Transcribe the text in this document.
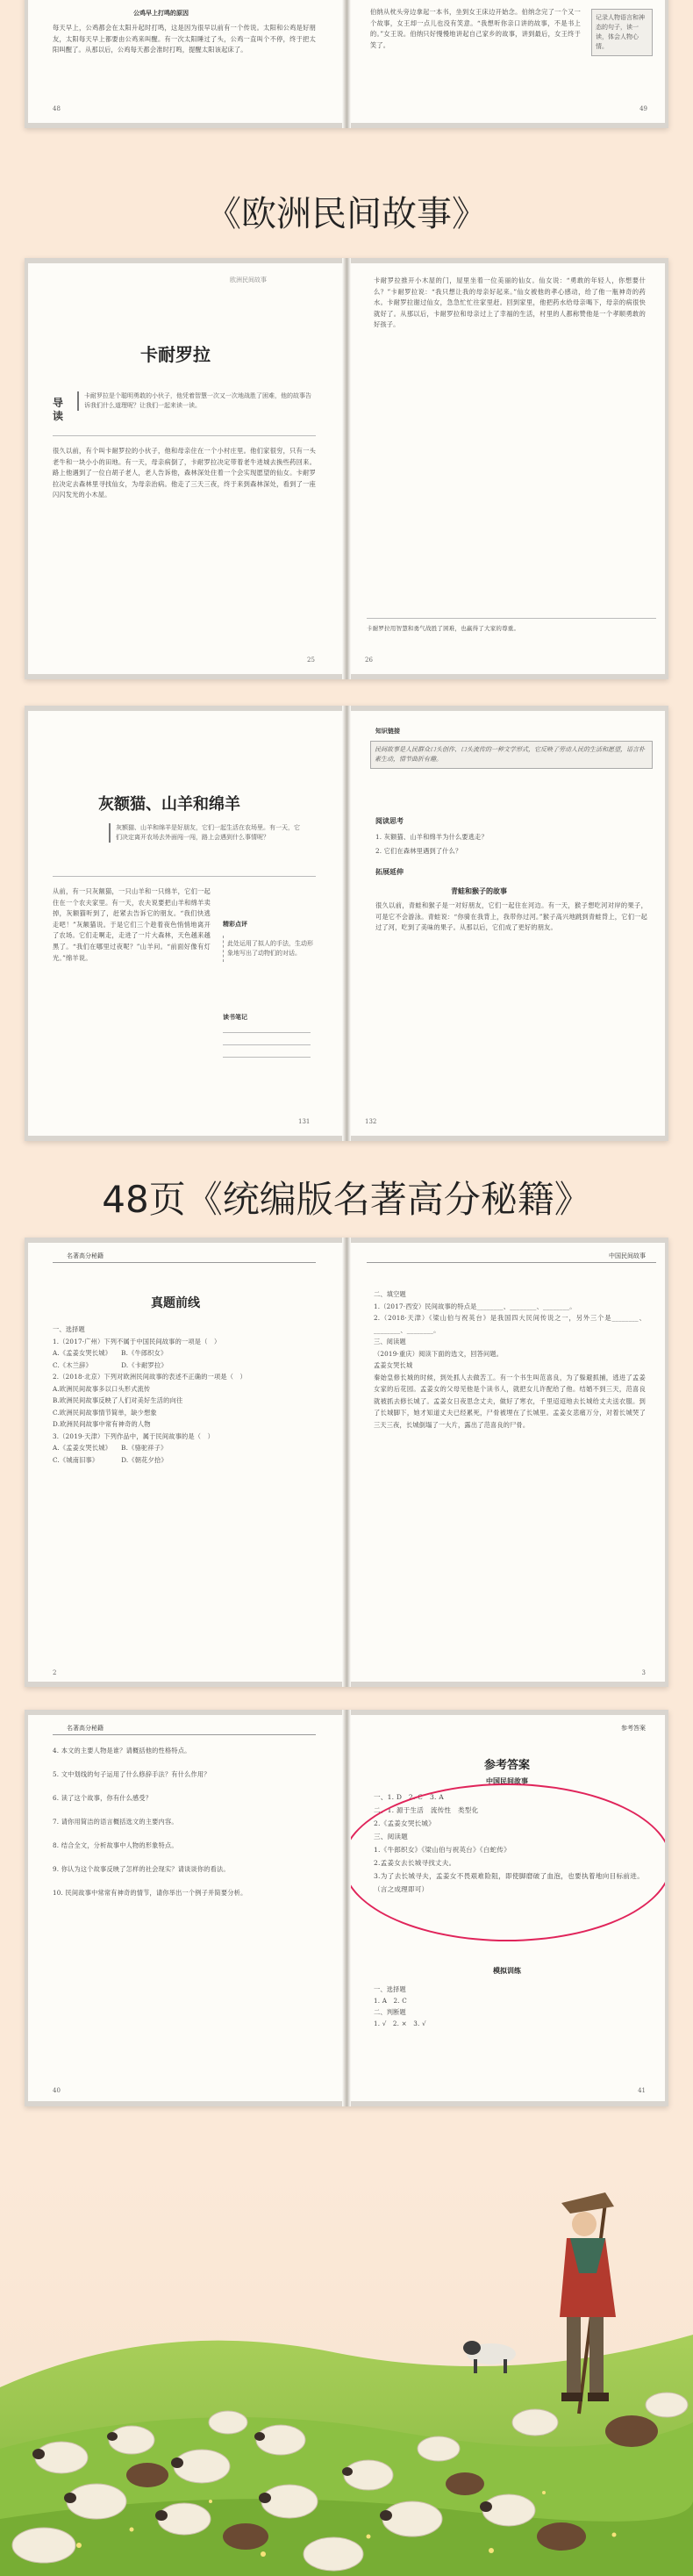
公鸡早上打鸣的原因
每天早上，公鸡都会在太阳升起时打鸣，这是因为很早以前有一个传说。太阳和公鸡是好朋友，太阳每天早上都要由公鸡来叫醒。有一次太阳睡过了头，公鸡一直叫个不停，终于把太阳叫醒了。从那以后，公鸡每天都会准时打鸣，提醒太阳该起床了。
48
伯纳从枕头旁边拿起一本书，坐到女王床边开始念。伯纳念完了一个又一个故事，女王却一点儿也没有笑意。“我想听你亲口讲的故事，不是书上的。”女王说。伯纳只好慢慢地讲起自己家乡的故事，讲到最后，女王终于笑了。
记录人物语言和神态的句子，读一读，体会人物心情。
49
《欧洲民间故事》
欧洲民间故事
卡耐罗拉
导读
卡耐罗拉是个聪明勇敢的小伙子，他凭着智慧一次又一次地战胜了困难，他的故事告诉我们什么道理呢？让我们一起来读一读。
很久以前，有个叫卡耐罗拉的小伙子，他和母亲住在一个小村庄里。他们家很穷，只有一头老牛和一块小小的田地。有一天，母亲病倒了，卡耐罗拉决定带着老牛进城去换些药回来。路上他遇到了一位白胡子老人，老人告诉他，森林深处住着一个会实现愿望的仙女。卡耐罗拉决定去森林里寻找仙女，为母亲治病。他走了三天三夜，终于来到森林深处，看到了一座闪闪发光的小木屋。
25
卡耐罗拉推开小木屋的门，屋里坐着一位美丽的仙女。仙女说：“勇敢的年轻人，你想要什么？”卡耐罗拉说：“我只想让我的母亲好起来。”仙女被他的孝心感动，给了他一瓶神奇的药水。卡耐罗拉谢过仙女，急急忙忙往家里赶。回到家里，他把药水给母亲喝下，母亲的病很快就好了。从那以后，卡耐罗拉和母亲过上了幸福的生活，村里的人都称赞他是一个孝顺勇敢的好孩子。
卡耐罗拉用智慧和勇气战胜了困难，也赢得了大家的尊重。
26
灰额猫、山羊和绵羊
灰额猫、山羊和绵羊是好朋友，它们一起生活在农场里。有一天，它们决定离开农场去外面闯一闯，路上会遇到什么事情呢？
从前，有一只灰额猫，一只山羊和一只绵羊，它们一起住在一个农夫家里。有一天，农夫说要把山羊和绵羊卖掉，灰额猫听到了，赶紧去告诉它的朋友。“我们快逃走吧！”灰额猫说。于是它们三个趁着夜色悄悄地离开了农场。它们走啊走，走进了一片大森林，天色越来越黑了。“我们在哪里过夜呢？”山羊问。“前面好像有灯光。”绵羊说。
精彩点评
此处运用了拟人的手法，生动形象地写出了动物们的对话。
读书笔记
131
知识链接
民间故事是人民群众口头创作、口头流传的一种文学形式，它反映了劳动人民的生活和愿望，语言朴素生动，情节曲折有趣。
阅读思考
1. 灰额猫、山羊和绵羊为什么要逃走？
2. 它们在森林里遇到了什么？
拓展延伸
青蛙和猴子的故事
很久以前，青蛙和猴子是一对好朋友，它们一起住在河边。有一天，猴子想吃河对岸的果子，可是它不会游泳。青蛙说：“你骑在我背上，我带你过河。”猴子高兴地跳到青蛙背上，它们一起过了河，吃到了美味的果子。从那以后，它们成了更好的朋友。
132
48页《统编版名著高分秘籍》
名著高分秘籍
真题前线
一、选择题
1.（2017·广州）下列不属于中国民间故事的一项是（　）
A.《孟姜女哭长城》　　B.《牛郎织女》
C.《木兰辞》　　　　　D.《卡耐罗拉》
2.（2018·北京）下列对欧洲民间故事的表述不正确的一项是（　）
A.欧洲民间故事多以口头形式流传
B.欧洲民间故事反映了人们对美好生活的向往
C.欧洲民间故事情节简单，缺少想象
D.欧洲民间故事中常有神奇的人物
3.（2019·天津）下列作品中，属于民间故事的是（　）
A.《孟姜女哭长城》　　B.《骆驼祥子》
C.《城南旧事》　　　　D.《朝花夕拾》
2
中国民间故事
二、填空题
1.（2017·西安）民间故事的特点是________、________、________。
2.（2018·天津）《梁山伯与祝英台》是我国四大民间传说之一，另外三个是________、________、________。
三、阅读题
（2019·重庆）阅读下面的选文，回答问题。
孟姜女哭长城
秦始皇修长城的时候，到处抓人去做苦工。有一个书生叫范喜良，为了躲避抓捕，逃进了孟姜女家的后花园。孟姜女的父母见他是个读书人，就把女儿许配给了他。结婚不到三天，范喜良就被抓去修长城了。孟姜女日夜思念丈夫，做好了寒衣，千里迢迢地去长城给丈夫送衣服。到了长城脚下，她才知道丈夫已经累死，尸骨被埋在了长城里。孟姜女悲痛万分，对着长城哭了三天三夜，长城倒塌了一大片，露出了范喜良的尸骨。
3
名著高分秘籍
4. 本文的主要人物是谁？请概括他的性格特点。

5. 文中划线的句子运用了什么修辞手法？有什么作用？

6. 读了这个故事，你有什么感受？

7. 请你用简洁的语言概括选文的主要内容。

8. 结合全文，分析故事中人物的形象特点。

9. 你认为这个故事反映了怎样的社会现实？请谈谈你的看法。

10. 民间故事中常常有神奇的情节，请你举出一个例子并简要分析。
40
参考答案
参考答案
中国民间故事
一、1. D　2. C　3. A
二、1. 源于生活　流传性　类型化
2.《孟姜女哭长城》
三、阅读题
1.《牛郎织女》《梁山伯与祝英台》《白蛇传》
2.孟姜女去长城寻找丈夫。
3.为了去长城寻夫，孟姜女不畏艰难险阻，即使脚磨破了血泡，也要执着地向目标前进。（言之成理即可）
模拟训练
一、选择题
1. A　2. C
二、判断题
1. √　2. ×　3. √
41
